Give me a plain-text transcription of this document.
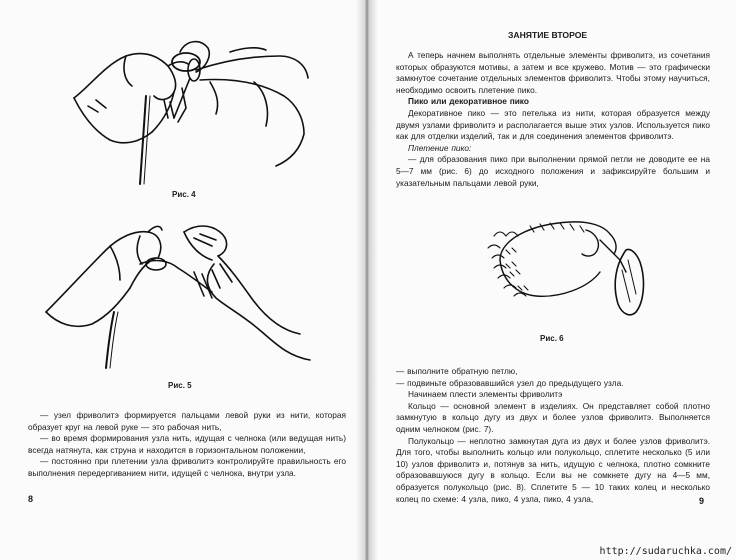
Рис. 4
Рис. 5

— узел фриволитэ формируется пальцами левой руки из нити, которая образует круг на левой руке — это рабочая нить,

— во время формирования узла нить, идущая с челнока (или ведущая нить) всегда натянута, как струна и находится в горизонтальном положении,

— постоянно при плетении узла фриволитэ контролируйте правильность его выполнения передергиванием нити, идущей с челнока, внутри узла.

8
ЗАНЯТИЕ ВТОРОЕ

А теперь начнем выполнять отдельные элементы фриволитэ, из сочетания которых образуются мотивы, а затем и все кружево. Мотив — это графически замкнутое сочетание отдельных элементов фриволитэ. Чтобы этому научиться, необходимо освоить плетение пико.

Пико или декоративное пико

Декоративное пико — это петелька из нити, которая образуется между двумя узлами фриволитэ и располагается выше этих узлов. Используется пико как для отделки изделий, так и для соединения элементов фриволитэ.

Плетение пико:

— для образования пико при выполнении прямой петли не доводите ее на 5—7 мм (рис. 6) до исходного положения и зафиксируйте большим и указательным пальцами левой руки,

Рис. 6

— выполните обратную петлю,

— подвиньте образовавшийся узел до предыдущего узла.

Начинаем плести элементы фриволитэ

Кольцо — основной элемент в изделиях. Он представляет собой плотно замкнутую в кольцо дугу из двух и более узлов фриволитэ. Выполняется одним челноком (рис. 7).

Полукольцо — неплотно замкнутая дуга из двух и более узлов фриволитэ. Для того, чтобы выполнить кольцо или полукольцо, сплетите несколько (5 или 10) узлов фриволитэ и, потянув за нить, идущую с челнока, плотно сомкните образовавшуюся дугу в кольцо. Если вы не сомкнете дугу на 4—5 мм, образуется полукольцо (рис. 8). Сплетите 5 — 10 таких колец и несколько колец по схеме: 4 узла, пико, 4 узла, пико, 4 узла,	9
http://sudaruchka.com/
